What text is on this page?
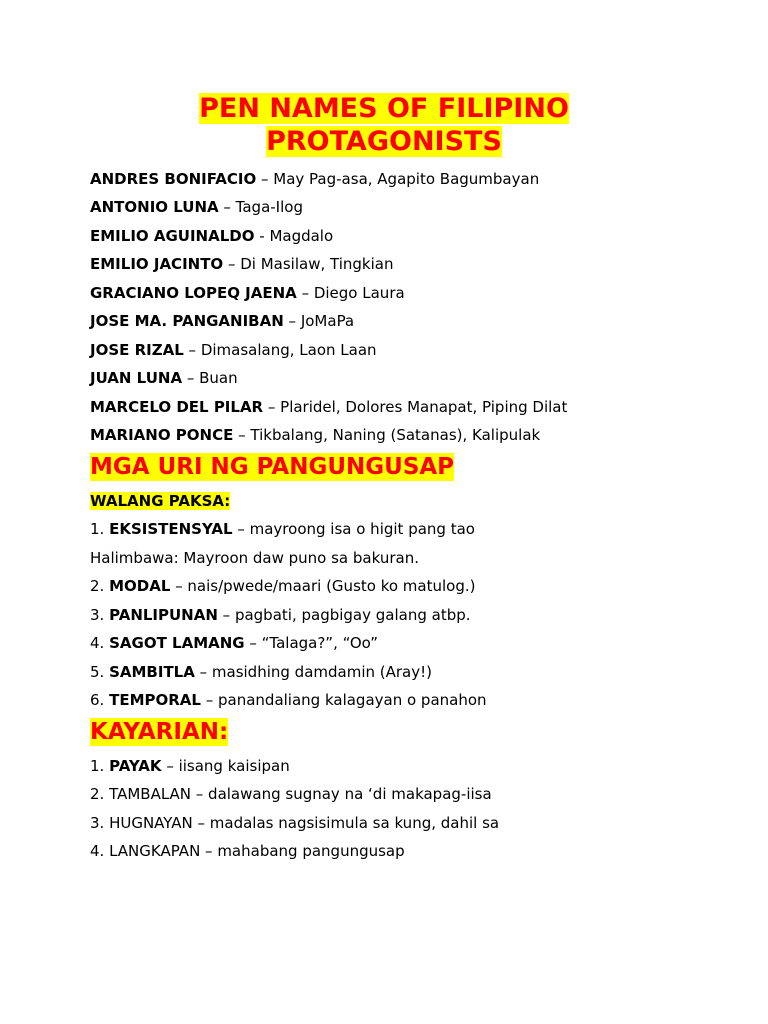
PEN NAMES OF FILIPINO
PROTAGONISTS
ANDRES BONIFACIO – May Pag-asa, Agapito Bagumbayan
ANTONIO LUNA – Taga-Ilog
EMILIO AGUINALDO - Magdalo
EMILIO JACINTO – Di Masilaw, Tingkian
GRACIANO LOPEQ JAENA – Diego Laura
JOSE MA. PANGANIBAN – JoMaPa
JOSE RIZAL – Dimasalang, Laon Laan
JUAN LUNA – Buan
MARCELO DEL PILAR – Plaridel, Dolores Manapat, Piping Dilat
MARIANO PONCE – Tikbalang, Naning (Satanas), Kalipulak
MGA URI NG PANGUNGUSAP
WALANG PAKSA:
1. EKSISTENSYAL – mayroong isa o higit pang tao
Halimbawa: Mayroon daw puno sa bakuran.
2. MODAL – nais/pwede/maari (Gusto ko matulog.)
3. PANLIPUNAN – pagbati, pagbigay galang atbp.
4. SAGOT LAMANG – “Talaga?”, “Oo”
5. SAMBITLA – masidhing damdamin (Aray!)
6. TEMPORAL – panandaliang kalagayan o panahon
KAYARIAN:
1. PAYAK – iisang kaisipan
2. TAMBALAN – dalawang sugnay na ‘di makapag-iisa
3. HUGNAYAN – madalas nagsisimula sa kung, dahil sa
4. LANGKAPAN – mahabang pangungusap
